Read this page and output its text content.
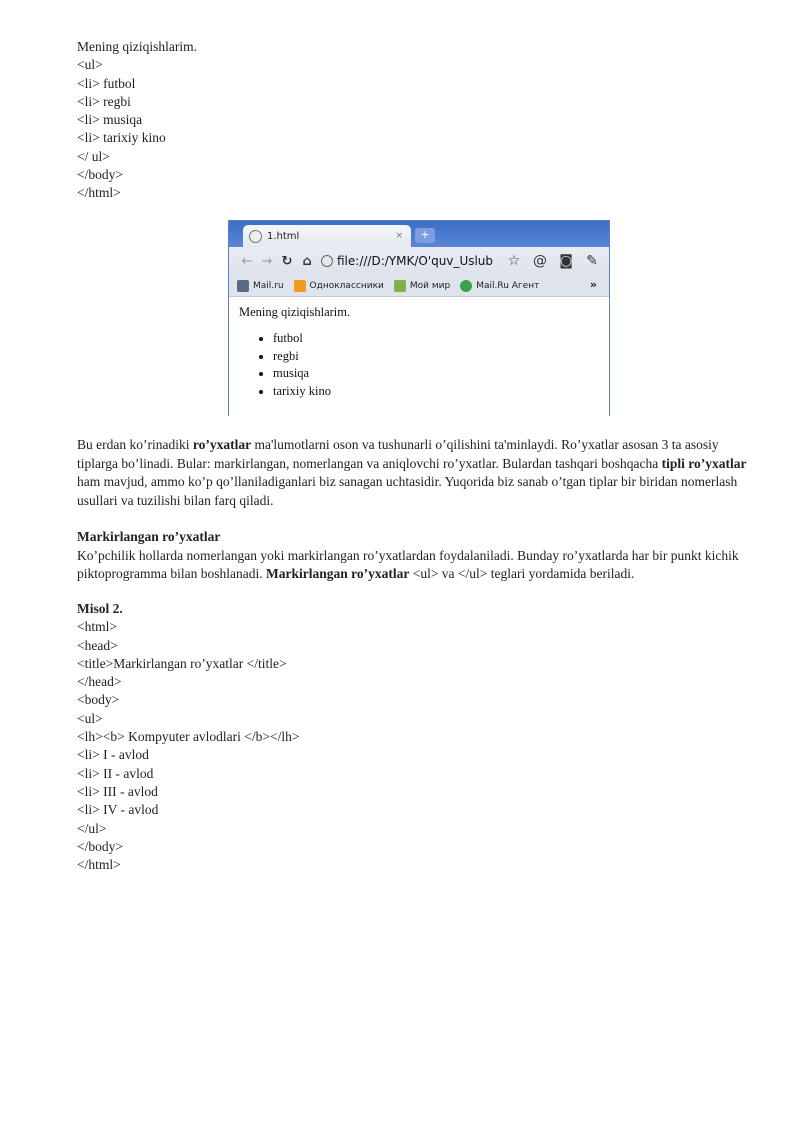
Mening qiziqishlarim.
<ul>
<li> futbol
<li> regbi
<li> musiqa
<li> tarixiy kino
</ ul>
</body>
</html>
1.html	×	+
← → ↻ ⌂	file:///D:/YMK/O'quv_Uslub	☆ @ ◙ ✎
Mail.ru	Одноклассники	Мой мир	Mail.Ru Агент	»
Mening qiziqishlarim.
• futbol
• regbi
• musiqa
• tarixiy kino
Bu erdan ko’rinadiki ro’yxatlar ma'lumotlarni oson va tushunarli o’qilishini ta'minlaydi. Ro’yxatlar asosan 3 ta asosiy tiplarga bo’linadi. Bular: markirlangan, nomerlangan va aniqlovchi ro’yxatlar. Bulardan tashqari boshqacha tipli ro’yxatlar ham mavjud, ammo ko’p qo’llaniladiganlari biz sanagan uchtasidir. Yuqorida biz sanab o’tgan tiplar bir biridan nomerlash usullari va tuzilishi bilan farq qiladi.
Markirlangan ro’yxatlar
Ko’pchilik hollarda nomerlangan yoki markirlangan ro’yxatlardan foydalaniladi. Bunday ro’yxatlarda har bir punkt kichik piktoprogramma bilan boshlanadi. Markirlangan ro’yxatlar <ul> va </ul> teglari yordamida beriladi.
Misol 2.
<html>
<head>
<title>Markirlangan ro’yxatlar </title>
</head>
<body>
<ul>
<lh><b> Kompyuter avlodlari </b></lh>
<li> I - avlod
<li> II - avlod
<li> III - avlod
<li> IV - avlod
</ul>
</body>
</html>
